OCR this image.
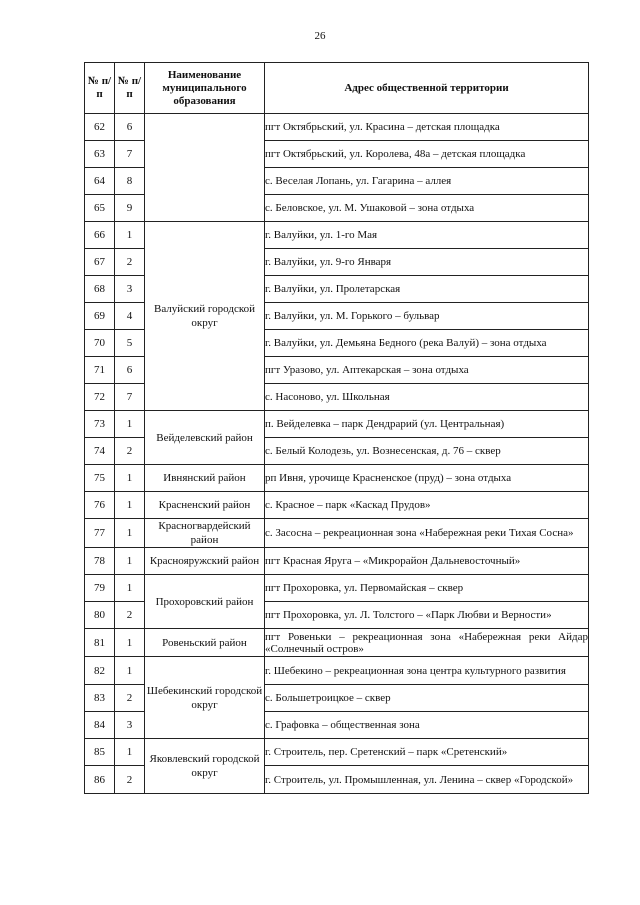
26
№ п/п	№ п/п	Наименование муниципального образования	Адрес общественной территории
62	6		пгт Октябрьский, ул. Красина – детская площадка

63	7		пгт Октябрьский, ул. Королева, 48а – детская площадка

64	8		с. Веселая Лопань, ул. Гагарина – аллея

65	9		с. Беловское, ул. М. Ушаковой – зона отдыха

66	1	Валуйский городской округ	г. Валуйки, ул. 1-го Мая

67	2		г. Валуйки, ул. 9-го Января

68	3		г. Валуйки, ул. Пролетарская

69	4		г. Валуйки, ул. М. Горького – бульвар

70	5		г. Валуйки, ул. Демьяна Бедного (река Валуй) – зона отдыха

71	6		пгт Уразово, ул. Аптекарская – зона отдыха

72	7		с. Насоново, ул. Школьная

73	1	Вейделевский район	п. Вейделевка – парк Дендрарий (ул. Центральная)

74	2		с. Белый Колодезь, ул. Вознесенская, д. 76 – сквер

75	1	Ивнянский район	рп Ивня, урочище Красненское (пруд) – зона отдыха

76	1	Красненский район	с. Красное – парк «Каскад Прудов»

77	1	Красногвардейский район	с. Засосна – рекреационная зона «Набережная реки Тихая Сосна»

78	1	Краснояружский район	пгт Красная Яруга – «Микрорайон Дальневосточный»

79	1	Прохоровский район	пгт Прохоровка, ул. Первомайская – сквер

80	2		пгт Прохоровка, ул. Л. Толстого – «Парк Любви и Верности»

81	1	Ровеньский район	пгт Ровеньки – рекреационная зона «Набережная реки Айдар «Солнечный остров»

82	1	Шебекинский городской округ	г. Шебекино – рекреационная зона центра культурного развития

83	2		с. Большетроицкое – сквер

84	3		с. Графовка – общественная зона

85	1	Яковлевский городской округ	г. Строитель, пер. Сретенский – парк «Сретенский»

86	2		г. Строитель, ул. Промышленная, ул. Ленина – сквер «Городской»
